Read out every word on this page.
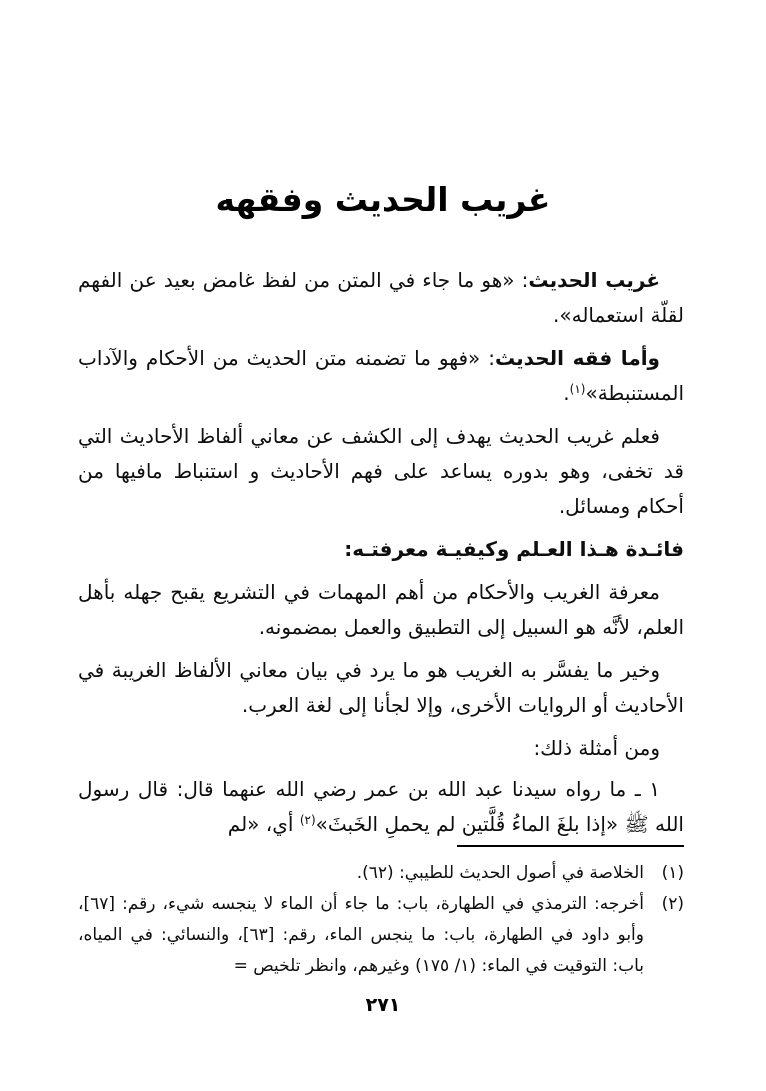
غريب الحديث وفقهه

غريب الحديث: «هو ما جاء في المتن من لفظ غامض بعيد عن الفهم لقلّة استعماله».

وأما فقه الحديث: «فهو ما تضمنه متن الحديث من الأحكام والآداب المستنبطة»$^{(١)}$.

فعلم غريب الحديث يهدف إلى الكشف عن معاني ألفاظ الأحاديث التي قد تخفى، وهو بدوره يساعد على فهم الأحاديث و استنباط مافيها من أحكام ومسائل.

فائـدة هـذا العـلم وكيفيـة معرفتـه:

معرفة الغريب والأحكام من أهم المهمات في التشريع يقبح جهله بأهل العلم، لأنَّه هو السبيل إلى التطبيق والعمل بمضمونه.

وخير ما يفسَّر به الغريب هو ما يرد في بيان معاني الألفاظ الغريبة في الأحاديث أو الروايات الأخرى، وإلا لجأنا إلى لغة العرب.

ومن أمثلة ذلك:

١ ـ ما رواه سيدنا عبد الله بن عمر رضي الله عنهما قال: قال رسول الله ﷺ «إذا بلغَ الماءُ قُلَّتين لم يحملِ الخَبثَ»$^{(٢)}$ أي، «لم

(١)الخلاصة في أصول الحديث للطيبي: (٦٢).

(٢)أخرجه: الترمذي في الطهارة، باب: ما جاء أن الماء لا ينجسه شيء، رقم: [٦٧]، وأبو داود في الطهارة، باب: ما ينجس الماء، رقم: [٦٣]، والنسائي: في المياه، باب: التوقيت في الماء: (١/ ١٧٥) وغيرهم، وانظر تلخيص =

٢٧١
